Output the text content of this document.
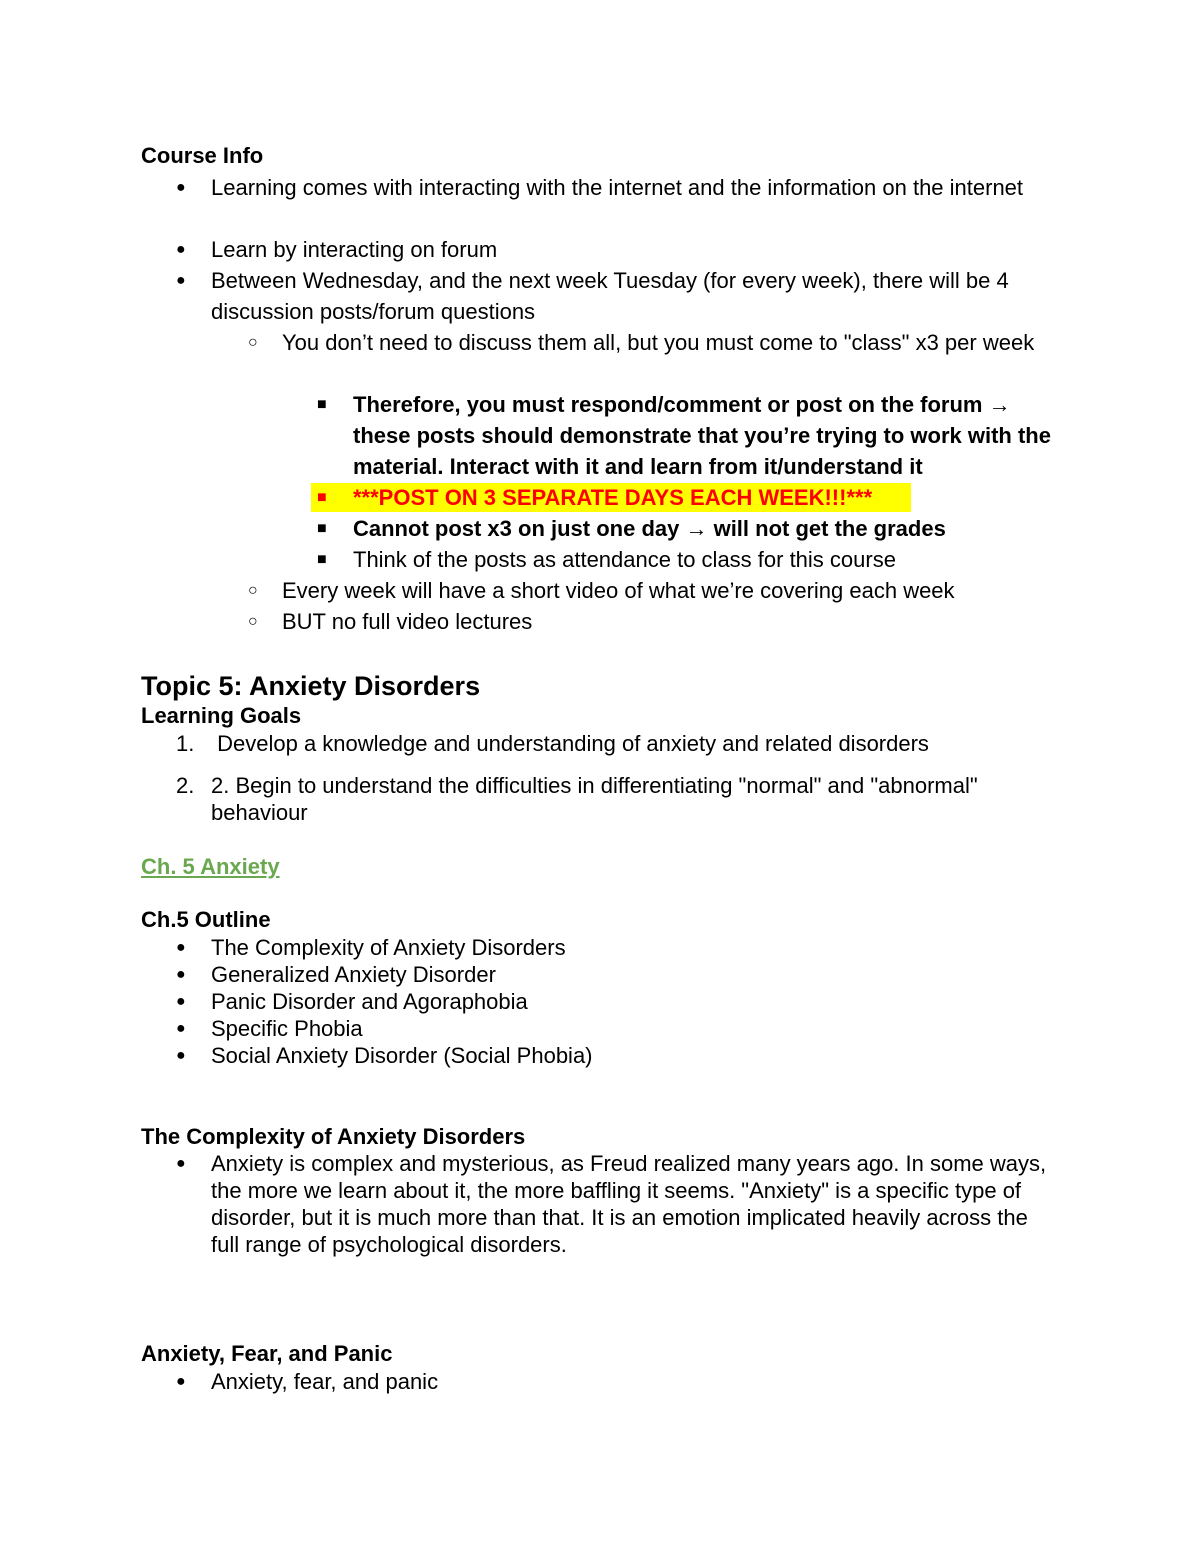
Course Info
● Learning comes with interacting with the internet and the information on the internet
● Learn by interacting on forum
● Between Wednesday, and the next week Tuesday (for every week), there will be 4 discussion posts/forum questions
○ You don’t need to discuss them all, but you must come to "class" x3 per week
■ Therefore, you must respond/comment or post on the forum → these posts should demonstrate that you’re trying to work with the material. Interact with it and learn from it/understand it
■ ***POST ON 3 SEPARATE DAYS EACH WEEK!!!***
■ Cannot post x3 on just one day → will not get the grades
■ Think of the posts as attendance to class for this course
○ Every week will have a short video of what we’re covering each week
○ BUT no full video lectures
Topic 5: Anxiety Disorders
Learning Goals
1. Develop a knowledge and understanding of anxiety and related disorders
2. 2. Begin to understand the difficulties in differentiating "normal" and "abnormal" behaviour
Ch. 5 Anxiety
Ch.5 Outline
● The Complexity of Anxiety Disorders
● Generalized Anxiety Disorder
● Panic Disorder and Agoraphobia
● Specific Phobia
● Social Anxiety Disorder (Social Phobia)
The Complexity of Anxiety Disorders
● Anxiety is complex and mysterious, as Freud realized many years ago. In some ways, the more we learn about it, the more baffling it seems. "Anxiety" is a specific type of disorder, but it is much more than that. It is an emotion implicated heavily across the full range of psychological disorders.
Anxiety, Fear, and Panic
● Anxiety, fear, and panic
